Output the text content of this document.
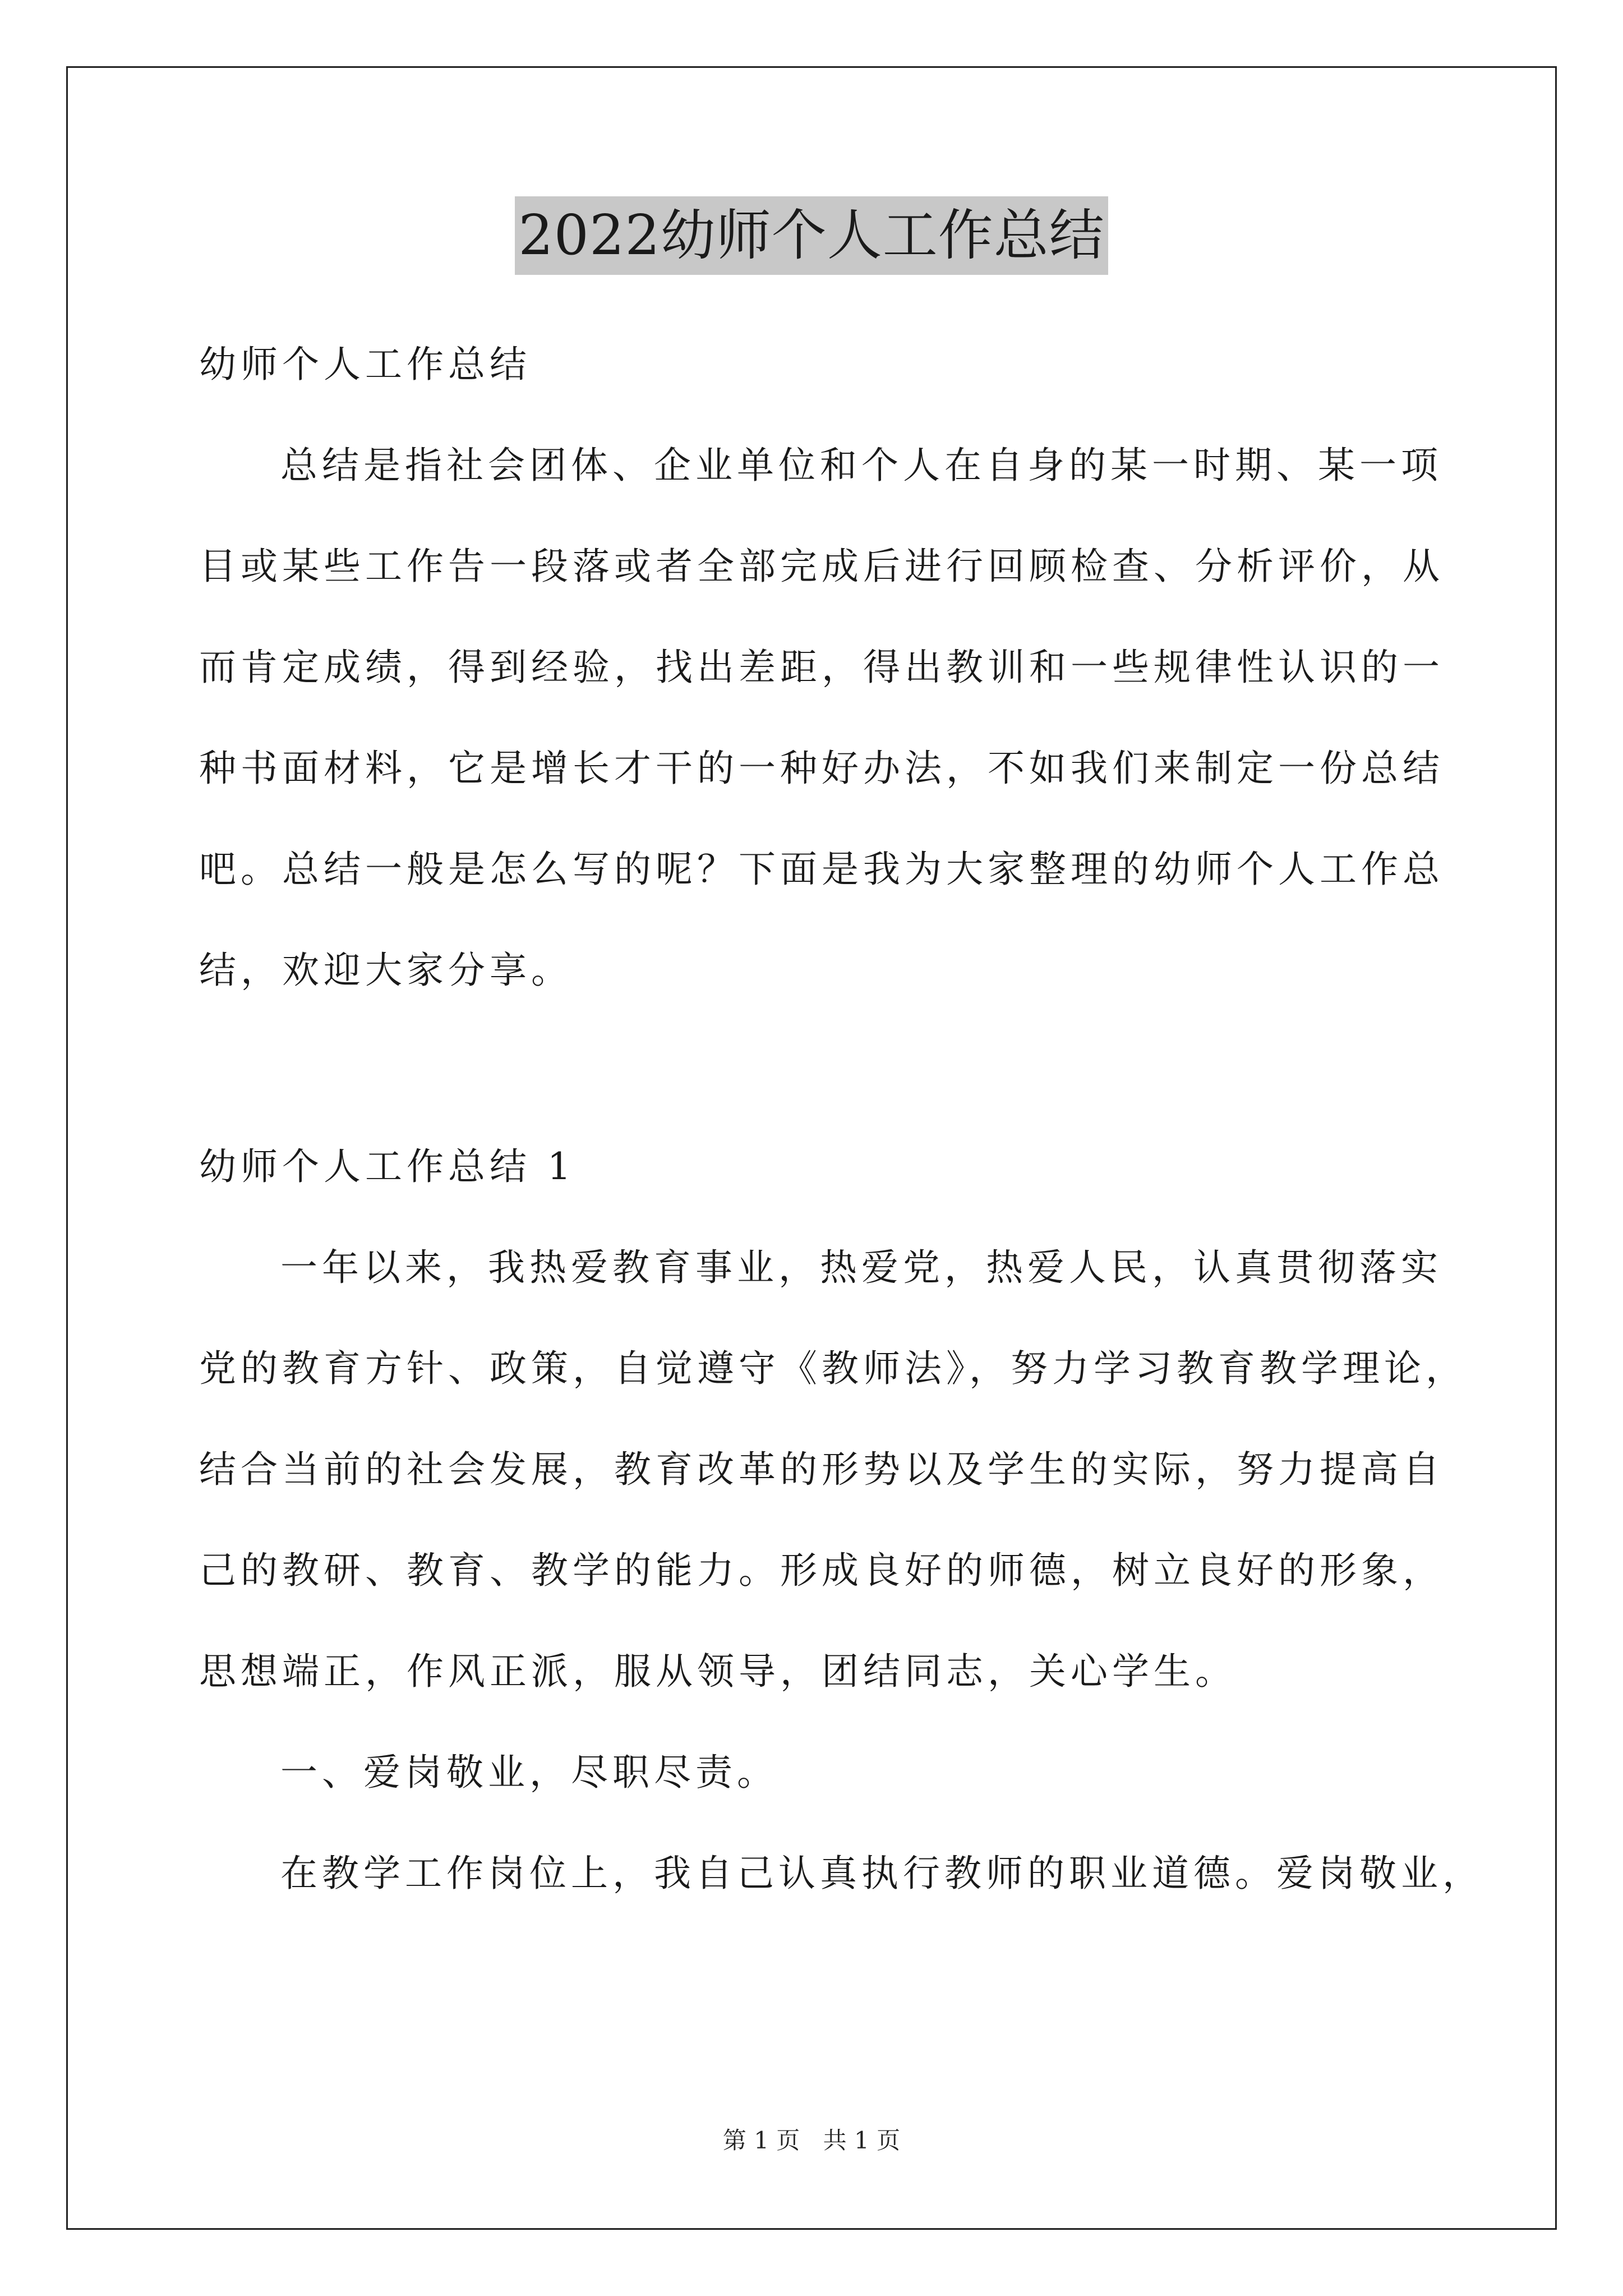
2022幼师个人工作总结
幼师个人工作总结
总结是指社会团体、企业单位和个人在自身的某一时期、某一项
目或某些工作告一段落或者全部完成后进行回顾检查、分析评价，从
而肯定成绩，得到经验，找出差距，得出教训和一些规律性认识的一
种书面材料，它是增长才干的一种好办法，不如我们来制定一份总结
吧。总结一般是怎么写的呢？下面是我为大家整理的幼师个人工作总
结，欢迎大家分享。
幼师个人工作总结 1
一年以来，我热爱教育事业，热爱党，热爱人民，认真贯彻落实
党的教育方针、政策，自觉遵守《教师法》，努力学习教育教学理论，
结合当前的社会发展，教育改革的形势以及学生的实际，努力提高自
己的教研、教育、教学的能力。形成良好的师德，树立良好的形象，
思想端正，作风正派，服从领导，团结同志，关心学生。
一、爱岗敬业，尽职尽责。
在教学工作岗位上，我自己认真执行教师的职业道德。爱岗敬业，
第 1 页 共 1 页
